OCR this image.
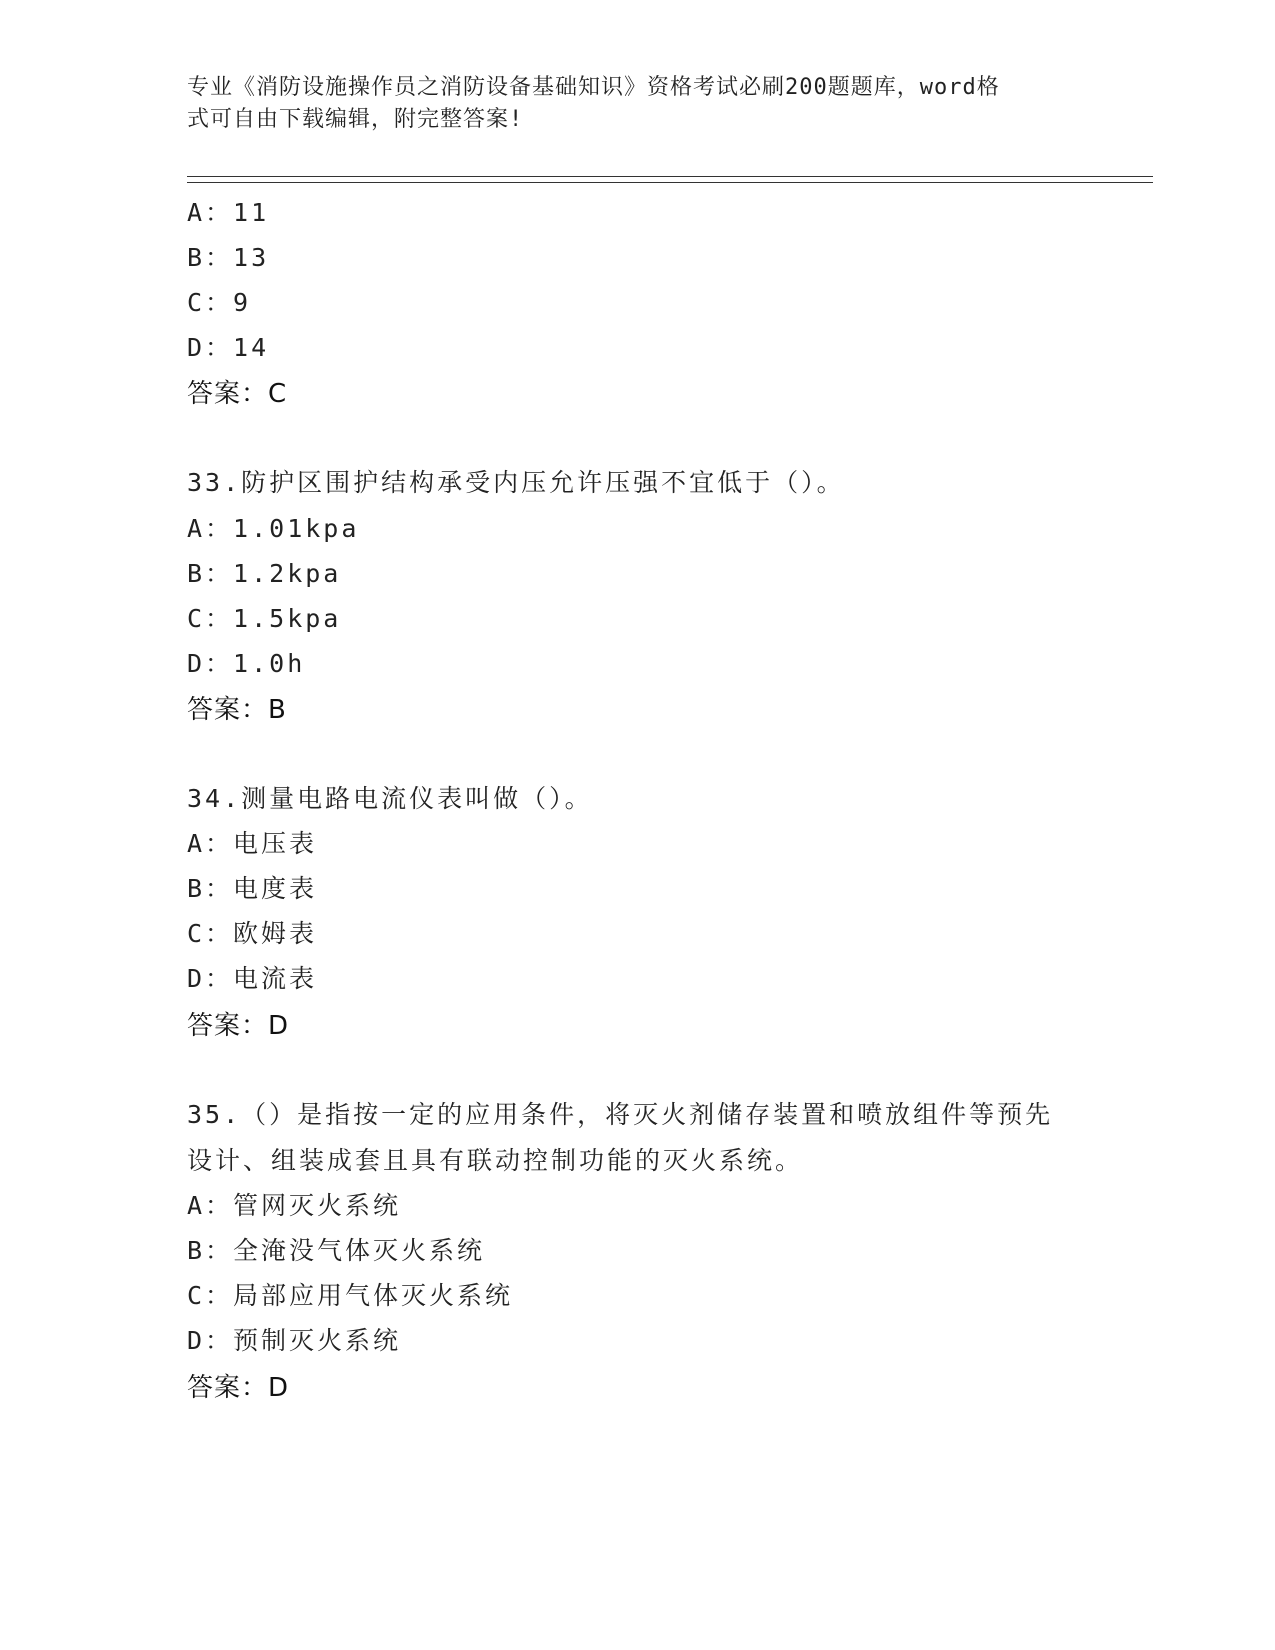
专业《消防设施操作员之消防设备基础知识》资格考试必刷200题题库，word格
式可自由下载编辑，附完整答案!
A：11
B：13
C：9
D：14
答案：C
33.防护区围护结构承受内压允许压强不宜低于（）。
A：1.01kpa
B：1.2kpa
C：1.5kpa
D：1.0h
答案：B
34.测量电路电流仪表叫做（）。
A：电压表
B：电度表
C：欧姆表
D：电流表
答案：D
35.（）是指按一定的应用条件，将灭火剂储存装置和喷放组件等预先
设计、组装成套且具有联动控制功能的灭火系统。
A：管网灭火系统
B：全淹没气体灭火系统
C：局部应用气体灭火系统
D：预制灭火系统
答案：D
